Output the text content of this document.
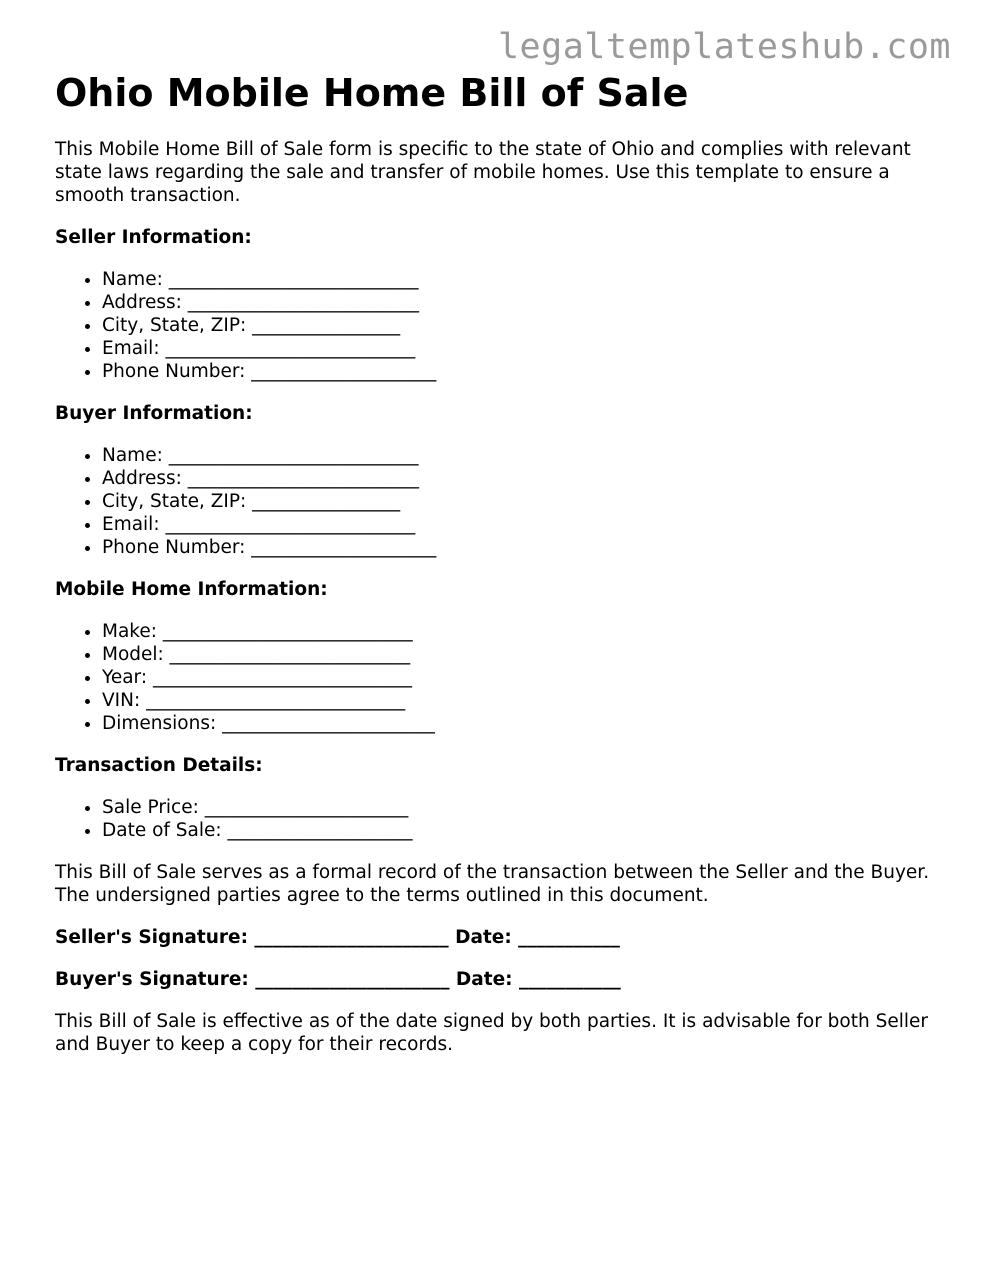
legaltemplateshub.com
Ohio Mobile Home Bill of Sale

This Mobile Home Bill of Sale form is specific to the state of Ohio and complies with relevant state laws regarding the sale and transfer of mobile homes. Use this template to ensure a smooth transaction.

Seller Information:
• Name: ___________________________
• Address: _________________________
• City, State, ZIP: ________________
• Email: ___________________________
• Phone Number: ____________________
Buyer Information:
• Name: ___________________________
• Address: _________________________
• City, State, ZIP: ________________
• Email: ___________________________
• Phone Number: ____________________
Mobile Home Information:
• Make: ___________________________
• Model: __________________________
• Year: ____________________________
• VIN: ____________________________
• Dimensions: _______________________
Transaction Details:
• Sale Price: ______________________
• Date of Sale: ____________________

This Bill of Sale serves as a formal record of the transaction between the Seller and the Buyer. The undersigned parties agree to the terms outlined in this document.

Seller's Signature: _____________________ Date: ___________

Buyer's Signature: _____________________ Date: ___________

This Bill of Sale is effective as of the date signed by both parties. It is advisable for both Seller and Buyer to keep a copy for their records.
